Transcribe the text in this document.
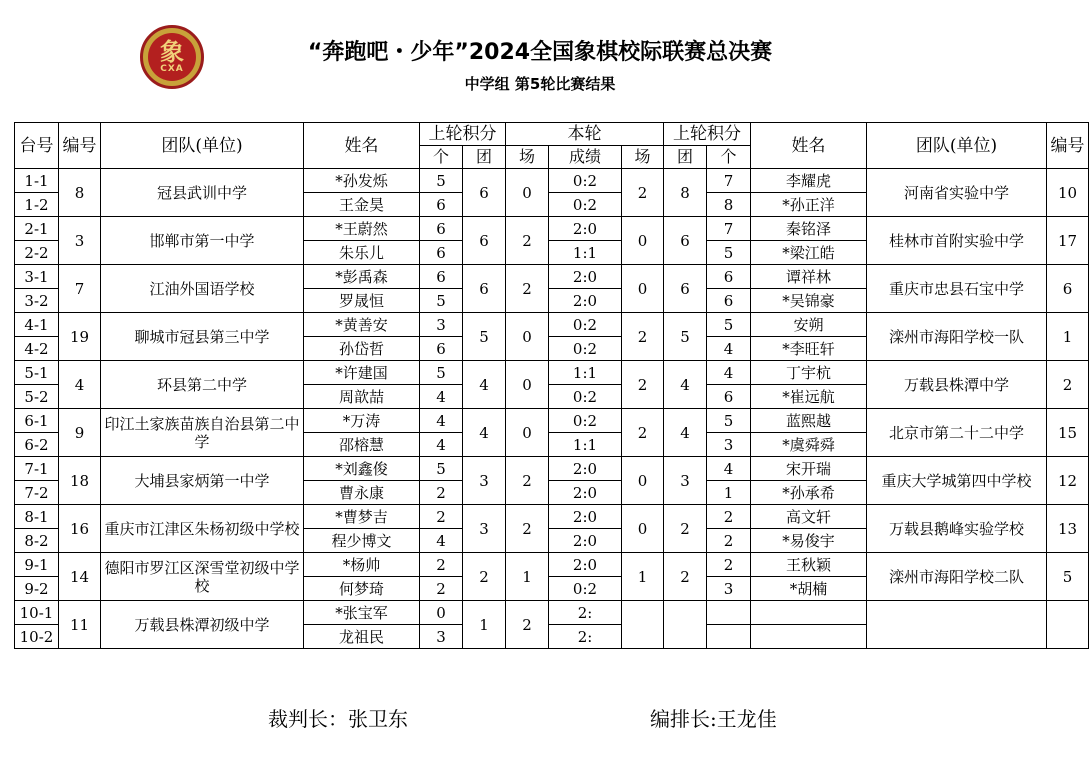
象
CXA
“奔跑吧・少年”2024全国象棋校际联赛总决赛
中学组 第5轮比赛结果
台号	编号	团队(单位)	姓名	上轮积分		本轮			上轮积分		姓名	团队(单位)	编号
				个	团	场	成绩	场	团	个			
1-1	8	冠县武训中学	*孙发烁	5	6	0	0:2	2	8	7	李耀虎	河南省实验中学	10
1-2			王金昊	6			0:2			8	*孙正洋		
2-1	3	邯郸市第一中学	*王蔚然	6	6	2	2:0	0	6	7	秦铭泽	桂林市首附实验中学	17
2-2			朱乐儿	6			1:1			5	*梁江皓		
3-1	7	江油外国语学校	*彭禹森	6	6	2	2:0	0	6	6	谭祥林	重庆市忠县石宝中学	6
3-2			罗晟恒	5			2:0			6	*吴锦豪		
4-1	19	聊城市冠县第三中学	*黄善安	3	5	0	0:2	2	5	5	安朔	滦州市海阳学校一队	1
4-2			孙岱哲	6			0:2			4	*李旺轩		
5-1	4	环县第二中学	*许建国	5	4	0	1:1	2	4	4	丁宇杭	万载县株潭中学	2
5-2			周歆喆	4			0:2			6	*崔远航		
6-1	9	印江土家族苗族自治县第二中学	*万涛	4	4	0	0:2	2	4	5	蓝熙越	北京市第二十二中学	15
6-2			邵榕慧	4			1:1			3	*虞舜舜		
7-1	18	大埔县家炳第一中学	*刘鑫俊	5	3	2	2:0	0	3	4	宋开瑞	重庆大学城第四中学校	12
7-2			曹永康	2			2:0			1	*孙承希		
8-1	16	重庆市江津区朱杨初级中学校	*曹梦吉	2	3	2	2:0	0	2	2	高文轩	万载县鹅峰实验学校	13
8-2			程少博文	4			2:0			2	*易俊宇		
9-1	14	德阳市罗江区深雪堂初级中学校	*杨帅	2	2	1	2:0	1	2	2	王秋颖	滦州市海阳学校二队	5
9-2			何梦琦	2			0:2			3	*胡楠		
10-1	11	万载县株潭初级中学	*张宝军	0	1	2	2:						
10-2			龙祖民	3			2:						
裁判长：张卫东	编排长:王龙佳
